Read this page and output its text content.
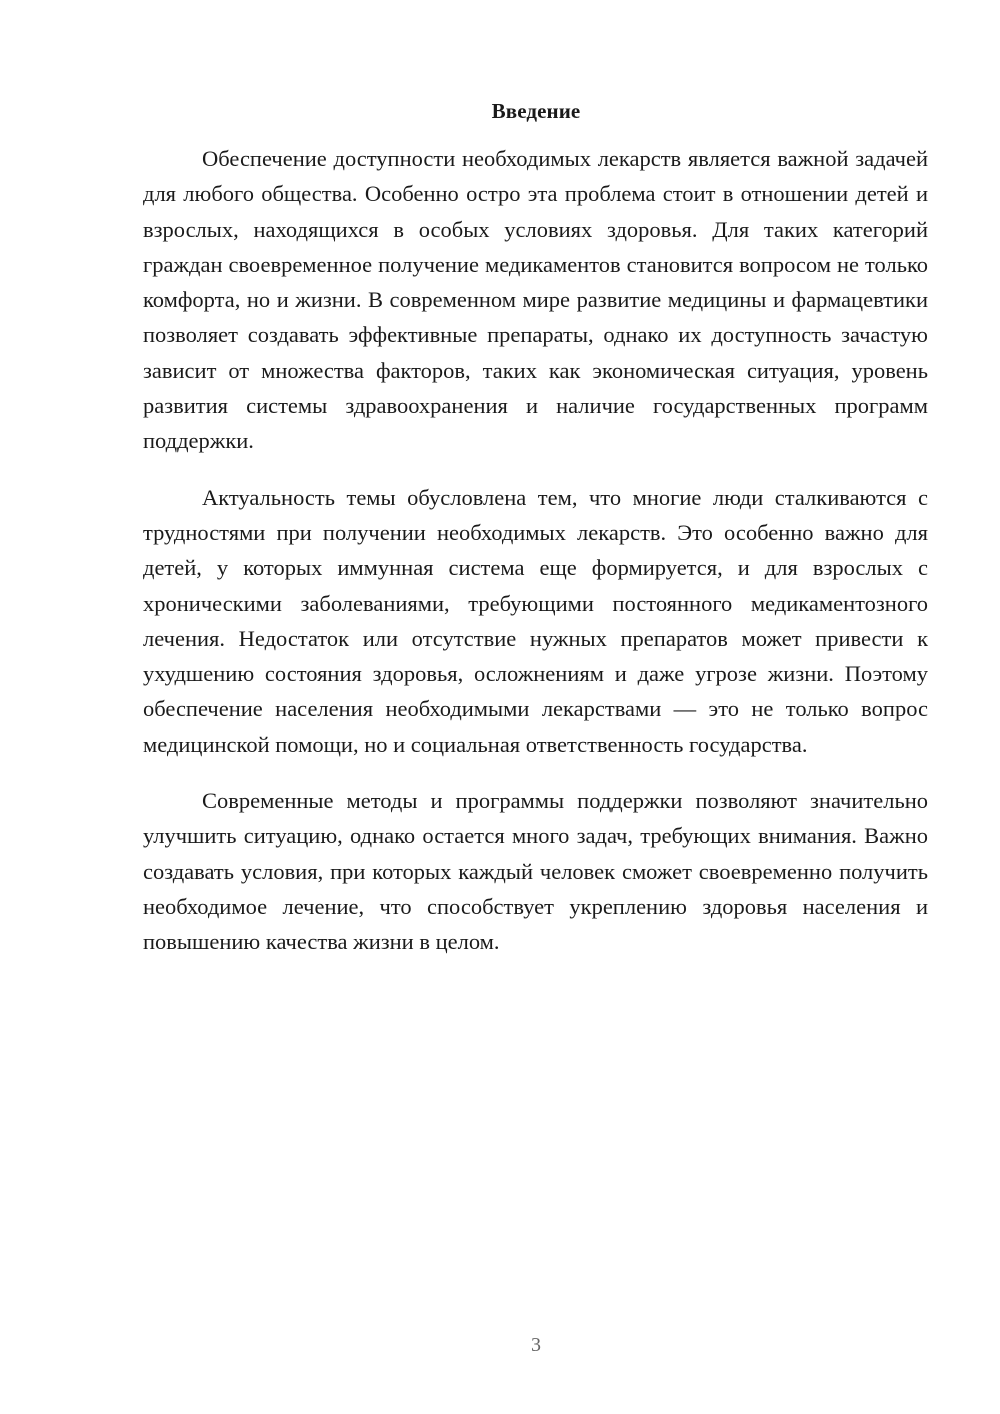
Введение

Обеспечение доступности необходимых лекарств является важной задачей для любого общества. Особенно остро эта проблема стоит в отношении детей и взрослых, находящихся в особых условиях здоровья. Для таких категорий граждан своевременное получение медикаментов становится вопросом не только комфорта, но и жизни. В современном мире развитие медицины и фармацевтики позволяет создавать эффективные препараты, однако их доступность зачастую зависит от множества факторов, таких как экономическая ситуация, уровень развития системы здравоохранения и наличие государственных программ поддержки.

Актуальность темы обусловлена тем, что многие люди сталкиваются с трудностями при получении необходимых лекарств. Это особенно важно для детей, у которых иммунная система еще формируется, и для взрослых с хроническими заболеваниями, требующими постоянного медикаментозного лечения. Недостаток или отсутствие нужных препаратов может привести к ухудшению состояния здоровья, осложнениям и даже угрозе жизни. Поэтому обеспечение населения необходимыми лекарствами — это не только вопрос медицинской помощи, но и социальная ответственность государства.

Современные методы и программы поддержки позволяют значительно улучшить ситуацию, однако остается много задач, требующих внимания. Важно создавать условия, при которых каждый человек сможет своевременно получить необходимое лечение, что способствует укреплению здоровья населения и повышению качества жизни в целом.

3
